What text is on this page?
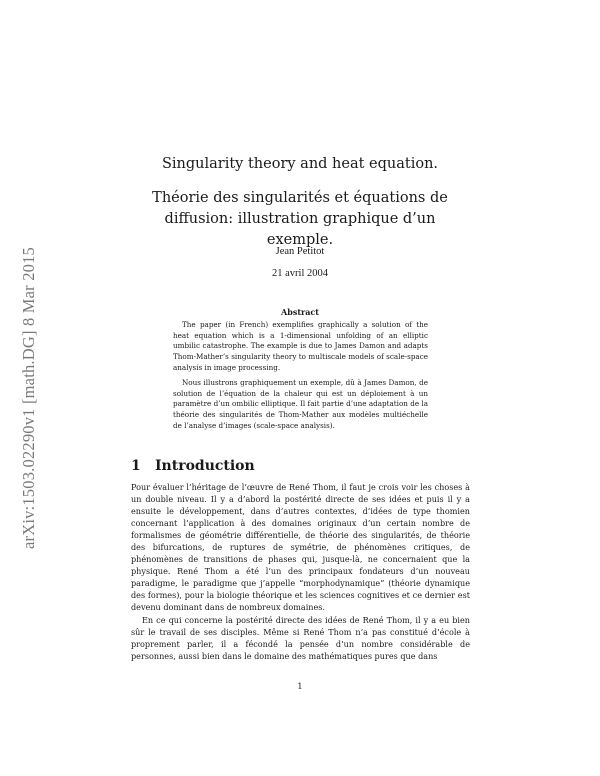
arXiv:1503.02290v1 [math.DG] 8 Mar 2015
Singularity theory and heat equation.
Théorie des singularités et équations de diffusion: illustration graphique d’un exemple.
Jean Petitot
21 avril 2004
Abstract

The paper (in French) exemplifies graphically a solution of the heat equation which is a 1-dimensional unfolding of an elliptic umbilic catastrophe. The example is due to James Damon and adapts Thom-Mather’s singularity theory to multiscale models of scale-space analysis in image processing.

Nous illustrons graphiquement un exemple, dû à James Damon, de solution de l’équation de la chaleur qui est un déploiement à un paramètre d’un ombilic elliptique. Il fait partie d’une adaptation de la théorie des singularités de Thom-Mather aux modèles multiéchelle de l’analyse d’images (scale-space analysis).

1 Introduction

Pour évaluer l’héritage de l’œuvre de René Thom, il faut je crois voir les choses à un double niveau. Il y a d’abord la postérité directe de ses idées et puis il y a ensuite le développement, dans d’autres contextes, d’idées de type thomien concernant l’application à des domaines originaux d’un certain nombre de formalismes de géométrie différentielle, de théorie des singularités, de théorie des bifurcations, de ruptures de symétrie, de phénomènes critiques, de phénomènes de transitions de phases qui, jusque-là, ne concernaient que la physique. René Thom a été l’un des principaux fondateurs d’un nouveau paradigme, le paradigme que j’appelle “morphodynamique” (théorie dynamique des formes), pour la biologie théorique et les sciences cognitives et ce dernier est devenu dominant dans de nombreux domaines.

En ce qui concerne la postérité directe des idées de René Thom, il y a eu bien sûr le travail de ses disciples. Même si René Thom n’a pas constitué d’école à proprement parler, il a fécondé la pensée d’un nombre considérable de personnes, aussi bien dans le domaine des mathématiques pures que dans

1
